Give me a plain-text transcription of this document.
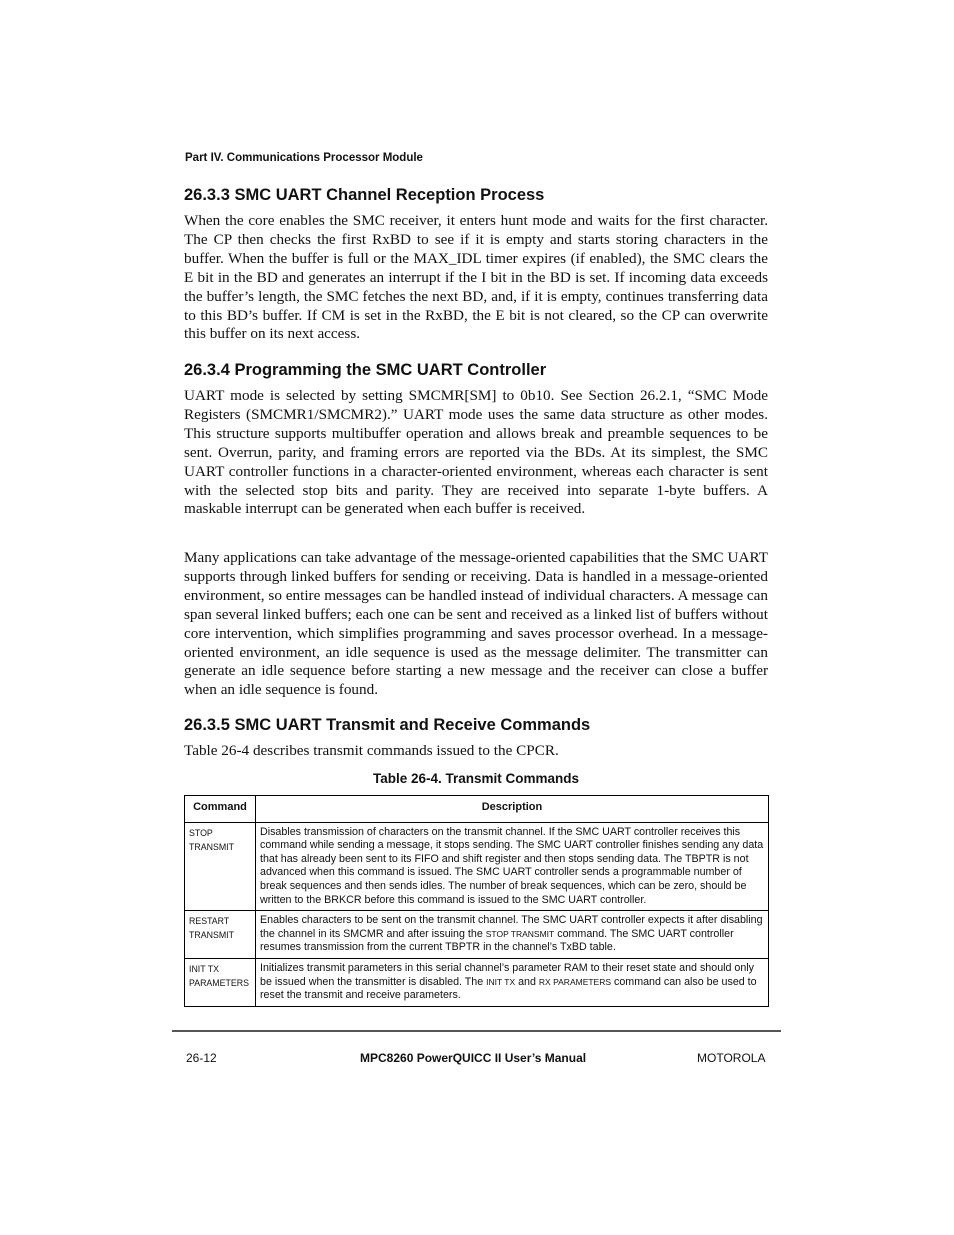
Part IV. Communications Processor Module
26.3.3 SMC UART Channel Reception Process

When the core enables the SMC receiver, it enters hunt mode and waits for the first character. The CP then checks the first RxBD to see if it is empty and starts storing characters in the buffer. When the buffer is full or the MAX_IDL timer expires (if enabled), the SMC clears the E bit in the BD and generates an interrupt if the I bit in the BD is set. If incoming data exceeds the buffer’s length, the SMC fetches the next BD, and, if it is empty, continues transferring data to this BD’s buffer. If CM is set in the RxBD, the E bit is not cleared, so the CP can overwrite this buffer on its next access.

26.3.4 Programming the SMC UART Controller

UART mode is selected by setting SMCMR[SM] to 0b10. See Section 26.2.1, “SMC Mode Registers (SMCMR1/SMCMR2).” UART mode uses the same data structure as other modes. This structure supports multibuffer operation and allows break and preamble sequences to be sent. Overrun, parity, and framing errors are reported via the BDs. At its simplest, the SMC UART controller functions in a character-oriented environment, whereas each character is sent with the selected stop bits and parity. They are received into separate 1-byte buffers. A maskable interrupt can be generated when each buffer is received.

Many applications can take advantage of the message-oriented capabilities that the SMC UART supports through linked buffers for sending or receiving. Data is handled in a message-oriented environment, so entire messages can be handled instead of individual characters. A message can span several linked buffers; each one can be sent and received as a linked list of buffers without core intervention, which simplifies programming and saves processor overhead. In a message-oriented environment, an idle sequence is used as the message delimiter. The transmitter can generate an idle sequence before starting a new message and the receiver can close a buffer when an idle sequence is found.

26.3.5 SMC UART Transmit and Receive Commands

Table 26-4 describes transmit commands issued to the CPCR.

Table 26-4. Transmit Commands
Command	Description
STOP
TRANSMIT	Disables transmission of characters on the transmit channel. If the SMC UART controller receives this command while sending a message, it stops sending. The SMC UART controller finishes sending any data that has already been sent to its FIFO and shift register and then stops sending data. The TBPTR is not advanced when this command is issued. The SMC UART controller sends a programmable number of break sequences and then sends idles. The number of break sequences, which can be zero, should be written to the BRKCR before this command is issued to the SMC UART controller.
RESTART
TRANSMIT	Enables characters to be sent on the transmit channel. The SMC UART controller expects it after disabling the channel in its SMCMR and after issuing the STOP TRANSMIT command. The SMC UART controller resumes transmission from the current TBPTR in the channel’s TxBD table.
INIT TX
PARAMETERS	Initializes transmit parameters in this serial channel’s parameter RAM to their reset state and should only be issued when the transmitter is disabled. The INIT TX and RX PARAMETERS command can also be used to reset the transmit and receive parameters.
26-12	MPC8260 PowerQUICC II User’s Manual	MOTOROLA
